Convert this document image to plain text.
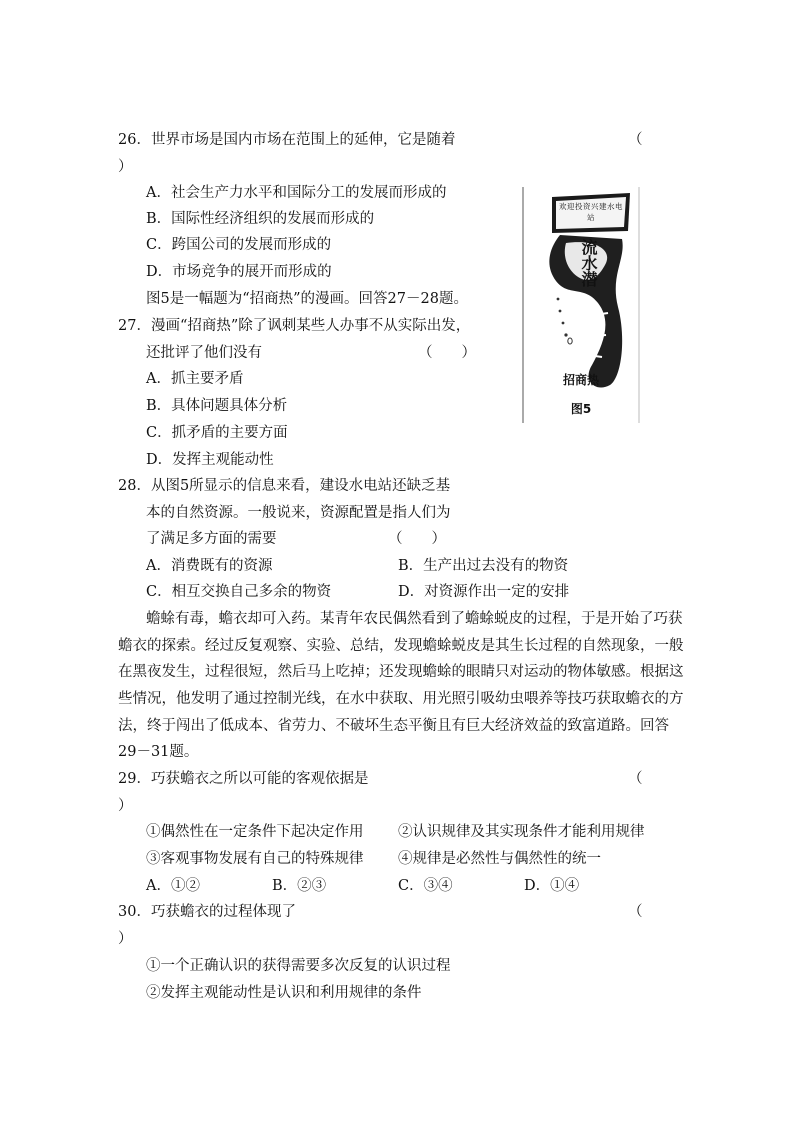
26．世界市场是国内市场在范围上的延伸，它是随着	（
）
A．社会生产力水平和国际分工的发展而形成的
B．国际性经济组织的发展而形成的
C．跨国公司的发展而形成的
D．市场竞争的展开而形成的
图5是一幅题为“招商热”的漫画。回答27－28题。
27．漫画“招商热”除了讽刺某些人办事不从实际出发，
还批评了他们没有	（　　）
A．抓主要矛盾
B．具体问题具体分析
C．抓矛盾的主要方面
D．发挥主观能动性
28．从图5所显示的信息来看，建设水电站还缺乏基
本的自然资源。一般说来，资源配置是指人们为
了满足多方面的需要	（　　）
A．消费既有的资源	B．生产出过去没有的物资
C．相互交换自己多余的物资	D．对资源作出一定的安排
蟾蜍有毒，蟾衣却可入药。某青年农民偶然看到了蟾蜍蜕皮的过程，于是开始了巧获
蟾衣的探索。经过反复观察、实验、总结，发现蟾蜍蜕皮是其生长过程的自然现象，一般
在黑夜发生，过程很短，然后马上吃掉；还发现蟾蜍的眼睛只对运动的物体敏感。根据这
些情况，他发明了通过控制光线，在水中获取、用光照引吸幼虫喂养等技巧获取蟾衣的方
法，终于闯出了低成本、省劳力、不破坏生态平衡且有巨大经济效益的致富道路。回答
29－31题。
29．巧获蟾衣之所以可能的客观依据是	（
）
①偶然性在一定条件下起决定作用 ②认识规律及其实现条件才能利用规律
③客观事物发展有自己的特殊规律 ④规律是必然性与偶然性的统一
A．①②	B．②③	C．③④	D．①④
30．巧获蟾衣的过程体现了	（
）
①一个正确认识的获得需要多次反复的认识过程
②发挥主观能动性是认识和利用规律的条件
欢迎投资兴建水电站
流水潜
招商热
图5
